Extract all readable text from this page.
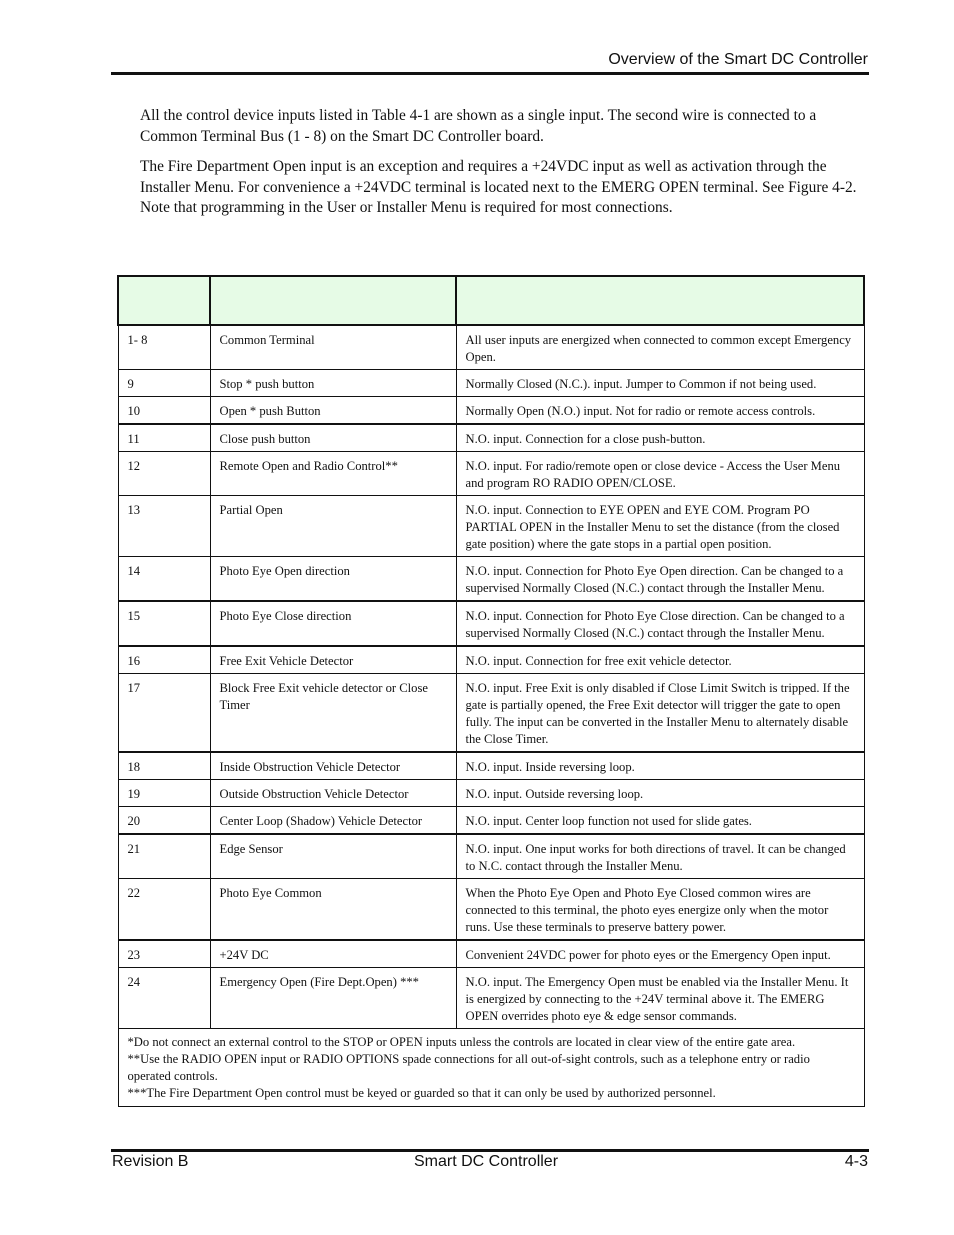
Overview of the Smart DC Controller

All the control device inputs listed in Table 4-1 are shown as a single input. The second wire is connected to a Common Terminal Bus (1 - 8) on the Smart DC Controller board.

The Fire Department Open input is an exception and requires a +24VDC input as well as activation through the Installer Menu. For convenience a +24VDC terminal is located next to the EMERG OPEN terminal. See Figure 4-2. Note that programming in the User or Installer Menu is required for most connections.

1- 8	Common Terminal	All user inputs are energized when connected to common except Emergency Open.
9	Stop * push button	Normally Closed (N.C.). input. Jumper to Common if not being used.
10	Open * push Button	Normally Open (N.O.) input. Not for radio or remote access controls.
11	Close push button	N.O. input. Connection for a close push-button.
12	Remote Open and Radio Control**	N.O. input. For radio/remote open or close device - Access the User Menu and program RO RADIO OPEN/CLOSE.
13	Partial Open	N.O. input. Connection to EYE OPEN and EYE COM. Program PO PARTIAL OPEN in the Installer Menu to set the distance (from the closed gate position) where the gate stops in a partial open position.
14	Photo Eye Open direction	N.O. input. Connection for Photo Eye Open direction. Can be changed to a supervised Normally Closed (N.C.) contact through the Installer Menu.
15	Photo Eye Close direction	N.O. input. Connection for Photo Eye Close direction. Can be changed to a supervised Normally Closed (N.C.) contact through the Installer Menu.
16	Free Exit Vehicle Detector	N.O. input. Connection for free exit vehicle detector.
17	Block Free Exit vehicle detector or Close Timer	N.O. input. Free Exit is only disabled if Close Limit Switch is tripped. If the gate is partially opened, the Free Exit detector will trigger the gate to open fully. The input can be converted in the Installer Menu to alternately disable the Close Timer.
18	Inside Obstruction Vehicle Detector	N.O. input. Inside reversing loop.
19	Outside Obstruction Vehicle Detector	N.O. input. Outside reversing loop.
20	Center Loop (Shadow) Vehicle Detector	N.O. input. Center loop function not used for slide gates.
21	Edge Sensor	N.O. input. One input works for both directions of travel. It can be changed to N.C. contact through the Installer Menu.
22	Photo Eye Common	When the Photo Eye Open and Photo Eye Closed common wires are connected to this terminal, the photo eyes energize only when the motor runs. Use these terminals to preserve battery power.
23	+24V DC	Convenient 24VDC power for photo eyes or the Emergency Open input.
24	Emergency Open (Fire Dept.Open) ***	N.O. input. The Emergency Open must be enabled via the Installer Menu. It is energized by connecting to the +24V terminal above it. The EMERG OPEN overrides photo eye & edge sensor commands.

*Do not connect an external control to the STOP or OPEN inputs unless the controls are located in clear view of the entire gate area.
**Use the RADIO OPEN input or RADIO OPTIONS spade connections for all out-of-sight controls, such as a telephone entry or radio operated controls.
***The Fire Department Open control must be keyed or guarded so that it can only be used by authorized personnel.		
Revision B	Smart DC Controller	4-3
